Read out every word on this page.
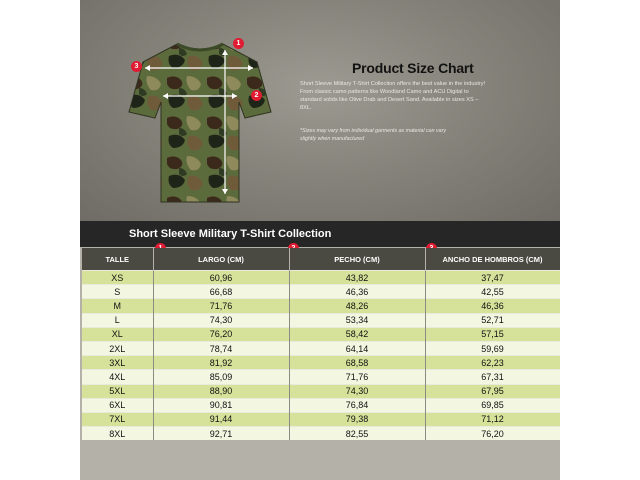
1
2
3	Product Size Chart
Short Sleeve Military T-Shirt Collection offers the best value in the industry! From classic camo patterns like Woodland Camo and ACU Digital to standard solids like Olive Drab and Desert Sand. Available in sizes XS – 8XL.
*Sizes may vary from individual garments as material can vary slightly when manufactured
Short Sleeve Military T-Shirt Collection
TALLE	LARGO (CM)	PECHO (CM)	ANCHO DE HOMBROS (CM)
XS	60,96	43,82	37,47
S	66,68	46,36	42,55
M	71,76	48,26	46,36
L	74,30	53,34	52,71
XL	76,20	58,42	57,15
2XL	78,74	64,14	59,69
3XL	81,92	68,58	62,23
4XL	85,09	71,76	67,31
5XL	88,90	74,30	67,95
6XL	90,81	76,84	69,85
7XL	91,44	79,38	71,12
8XL	92,71	82,55	76,20
